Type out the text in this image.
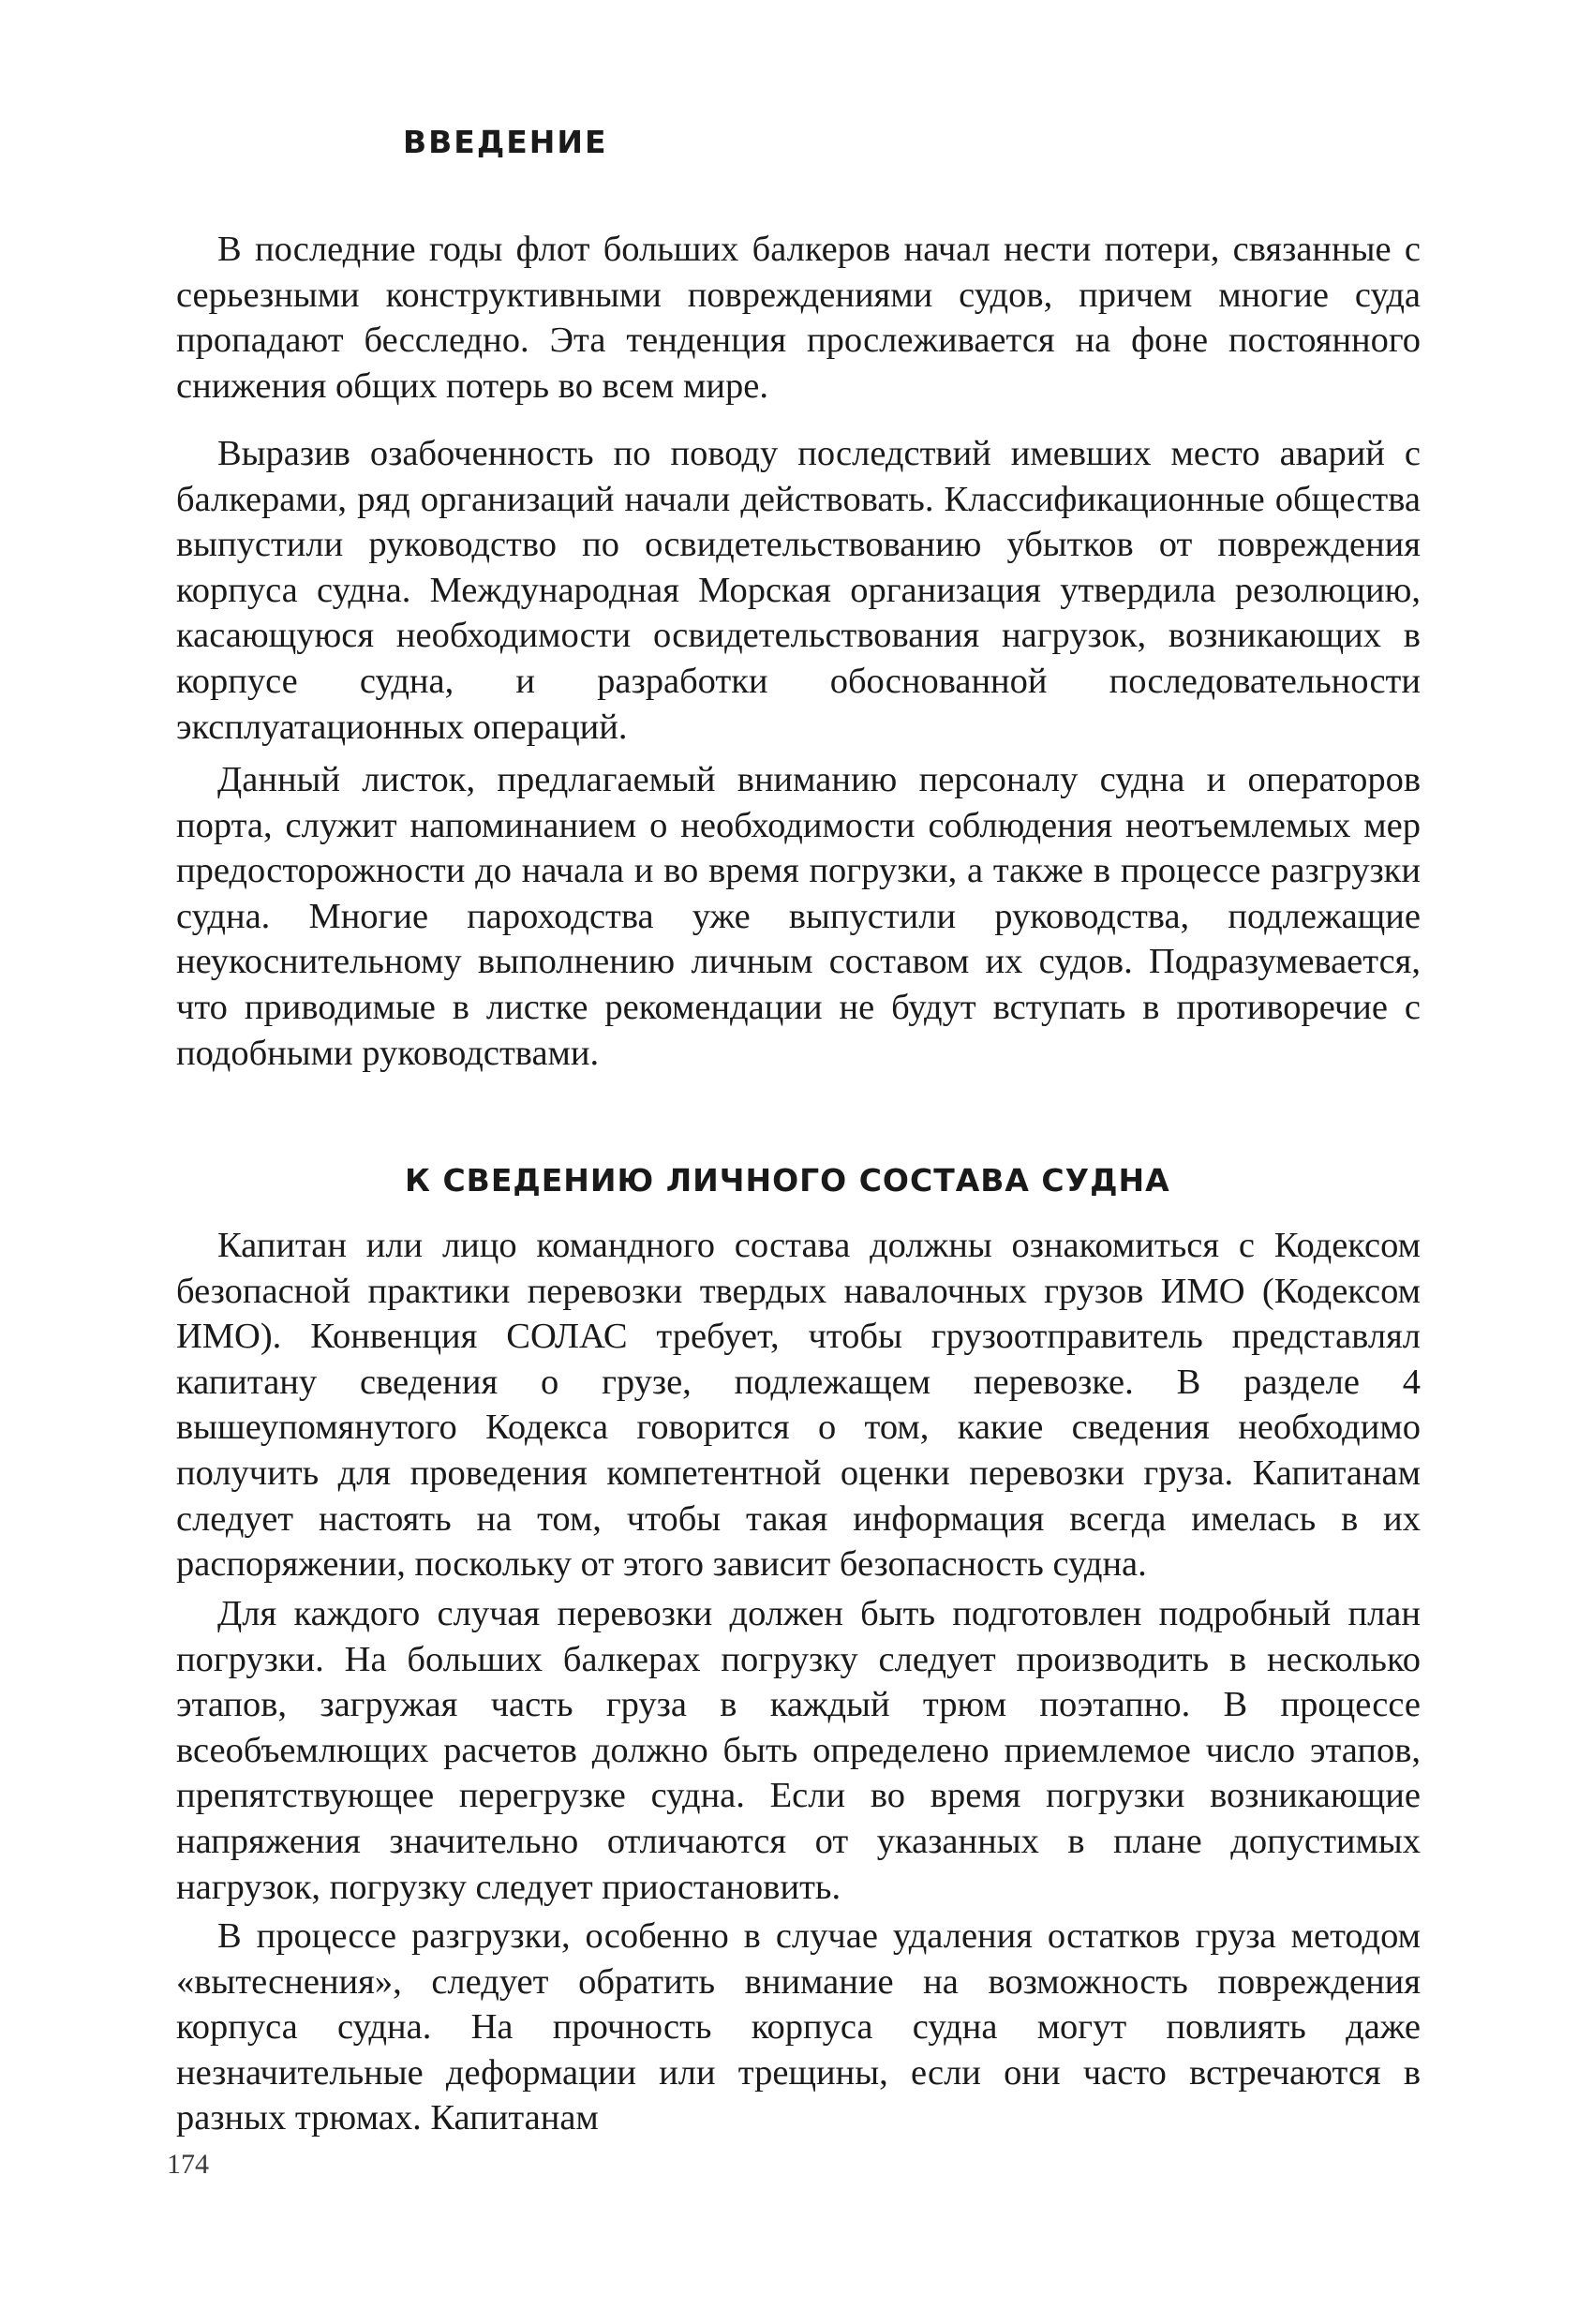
ВВЕДЕНИЕ

В последние годы флот больших балкеров начал нести потери, связанные с серьезными конструктивными повреждениями судов, причем многие суда пропадают бесследно. Эта тенденция прослеживается на фоне постоянного снижения общих потерь во всем мире.

Выразив озабоченность по поводу последствий имевших место аварий с балкерами, ряд организаций начали действовать. Классификационные общества выпустили руководство по освидетельствованию убытков от повреждения корпуса судна. Международная Морская организация утвердила резолюцию, касающуюся необходимости освидетельствования нагрузок, возникающих в корпусе судна, и разработки обоснованной последовательности эксплуатационных операций.

Данный листок, предлагаемый вниманию персоналу судна и операторов порта, служит напоминанием о необходимости соблюдения неотъемлемых мер предосторожности до начала и во время погрузки, а также в процессе разгрузки судна. Многие пароходства уже выпустили руководства, подлежащие неукоснительному выполнению личным составом их судов. Подразумевается, что приводимые в листке рекомендации не будут вступать в противоречие с подобными руководствами.

К СВЕДЕНИЮ ЛИЧНОГО СОСТАВА СУДНА

Капитан или лицо командного состава должны ознакомиться с Кодексом безопасной практики перевозки твердых навалочных грузов ИМО (Кодексом ИМО). Конвенция СОЛАС требует, чтобы грузоотправитель представлял капитану сведения о грузе, подлежащем перевозке. В разделе 4 вышеупомянутого Кодекса говорится о том, какие сведения необходимо получить для проведения компетентной оценки перевозки груза. Капитанам следует настоять на том, чтобы такая информация всегда имелась в их распоряжении, поскольку от этого зависит безопасность судна.

Для каждого случая перевозки должен быть подготовлен подробный план погрузки. На больших балкерах погрузку следует производить в несколько этапов, загружая часть груза в каждый трюм поэтапно. В процессе всеобъемлющих расчетов должно быть определено приемлемое число этапов, препятствующее перегрузке судна. Если во время погрузки возникающие напряжения значительно отличаются от указанных в плане допустимых нагрузок, погрузку следует приостановить.

В процессе разгрузки, особенно в случае удаления остатков груза методом «вытеснения», следует обратить внимание на возможность повреждения корпуса судна. На прочность корпуса судна могут повлиять даже незначительные деформации или трещины, если они часто встречаются в разных трюмах. Капитанам

174
